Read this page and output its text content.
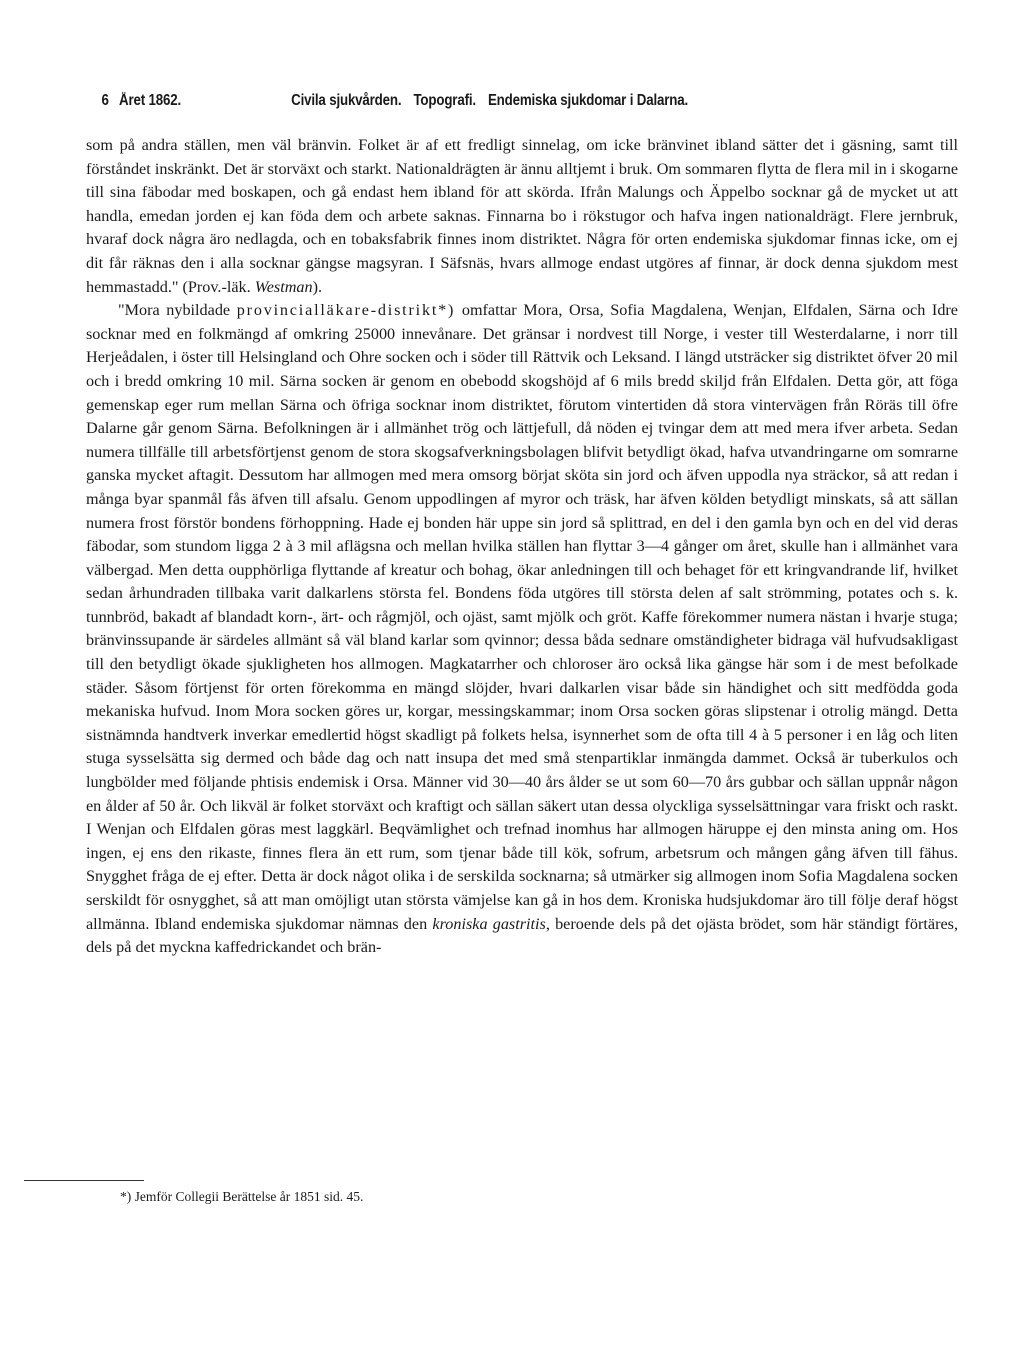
6 Året 1862.	Civila sjukvården. Topografi. Endemiska sjukdomar i Dalarna.

som på andra ställen, men väl bränvin. Folket är af ett fredligt sinnelag, om icke bränvinet ibland sätter det i gäsning, samt till förståndet inskränkt. Det är storväxt och starkt. Nationaldrägten är ännu alltjemt i bruk. Om sommaren flytta de flera mil in i skogarne till sina fäbodar med boskapen, och gå endast hem ibland för att skörda. Ifrån Malungs och Äppelbo socknar gå de mycket ut att handla, emedan jorden ej kan föda dem och arbete saknas. Finnarna bo i rökstugor och hafva ingen nationaldrägt. Flere jernbruk, hvaraf dock några äro nedlagda, och en tobaksfabrik finnes inom distriktet. Några för orten endemiska sjukdomar finnas icke, om ej dit får räknas den i alla socknar gängse magsyran. I Säfsnäs, hvars allmoge endast utgöres af finnar, är dock denna sjukdom mest hemmastadd." (Prov.-läk. Westman).

"Mora nybildade provincialläkare-distrikt*) omfattar Mora, Orsa, Sofia Magdalena, Wenjan, Elfdalen, Särna och Idre socknar med en folkmängd af omkring 25000 innevånare. Det gränsar i nordvest till Norge, i vester till Westerdalarne, i norr till Herjeådalen, i öster till Helsingland och Ohre socken och i söder till Rättvik och Leksand. I längd utsträcker sig distriktet öfver 20 mil och i bredd omkring 10 mil. Särna socken är genom en obebodd skogshöjd af 6 mils bredd skiljd från Elfdalen. Detta gör, att föga gemenskap eger rum mellan Särna och öfriga socknar inom distriktet, förutom vintertiden då stora vintervägen från Röräs till öfre Dalarne går genom Särna. Befolkningen är i allmänhet trög och lättjefull, då nöden ej tvingar dem att med mera ifver arbeta. Sedan numera tillfälle till arbetsförtjenst genom de stora skogsafverkningsbolagen blifvit betydligt ökad, hafva utvandringarne om somrarne ganska mycket aftagit. Dessutom har allmogen med mera omsorg börjat sköta sin jord och äfven uppodla nya sträckor, så att redan i många byar spanmål fås äfven till afsalu. Genom uppodlingen af myror och träsk, har äfven kölden betydligt minskats, så att sällan numera frost förstör bondens förhoppning. Hade ej bonden här uppe sin jord så splittrad, en del i den gamla byn och en del vid deras fäbodar, som stundom ligga 2 à 3 mil aflägsna och mellan hvilka ställen han flyttar 3—4 gånger om året, skulle han i allmänhet vara välbergad. Men detta oupphörliga flyttande af kreatur och bohag, ökar anledningen till och behaget för ett kringvandrande lif, hvilket sedan århundraden tillbaka varit dalkarlens största fel. Bondens föda utgöres till största delen af salt strömming, potates och s. k. tunnbröd, bakadt af blandadt korn-, ärt- och rågmjöl, och ojäst, samt mjölk och gröt. Kaffe förekommer numera nästan i hvarje stuga; bränvinssupande är särdeles allmänt så väl bland karlar som qvinnor; dessa båda sednare omständigheter bidraga väl hufvudsakligast till den betydligt ökade sjukligheten hos allmogen. Magkatarrher och chloroser äro också lika gängse här som i de mest befolkade städer. Såsom förtjenst för orten förekomma en mängd slöjder, hvari dalkarlen visar både sin händighet och sitt medfödda goda mekaniska hufvud. Inom Mora socken göres ur, korgar, messingskammar; inom Orsa socken göras slipstenar i otrolig mängd. Detta sistnämnda handtverk inverkar emedlertid högst skadligt på folkets helsa, isynnerhet som de ofta till 4 à 5 personer i en låg och liten stuga sysselsätta sig dermed och både dag och natt insupa det med små stenpartiklar inmängda dammet. Också är tuberkulos och lungbölder med följande phtisis endemisk i Orsa. Männer vid 30—40 års ålder se ut som 60—70 års gubbar och sällan uppnår någon en ålder af 50 år. Och likväl är folket storväxt och kraftigt och sällan säkert utan dessa olyckliga sysselsättningar vara friskt och raskt. I Wenjan och Elfdalen göras mest laggkärl. Beqvämlighet och trefnad inomhus har allmogen häruppe ej den minsta aning om. Hos ingen, ej ens den rikaste, finnes flera än ett rum, som tjenar både till kök, sofrum, arbetsrum och mången gång äfven till fähus. Snygghet fråga de ej efter. Detta är dock något olika i de serskilda socknarna; så utmärker sig allmogen inom Sofia Magdalena socken serskildt för osnygghet, så att man omöjligt utan största vämjelse kan gå in hos dem. Kroniska hudsjukdomar äro till följe deraf högst allmänna. Ibland endemiska sjukdomar nämnas den kroniska gastritis, beroende dels på det ojästa brödet, som här ständigt förtäres, dels på det myckna kaffedrickandet och brän-

*) Jemför Collegii Berättelse år 1851 sid. 45.
